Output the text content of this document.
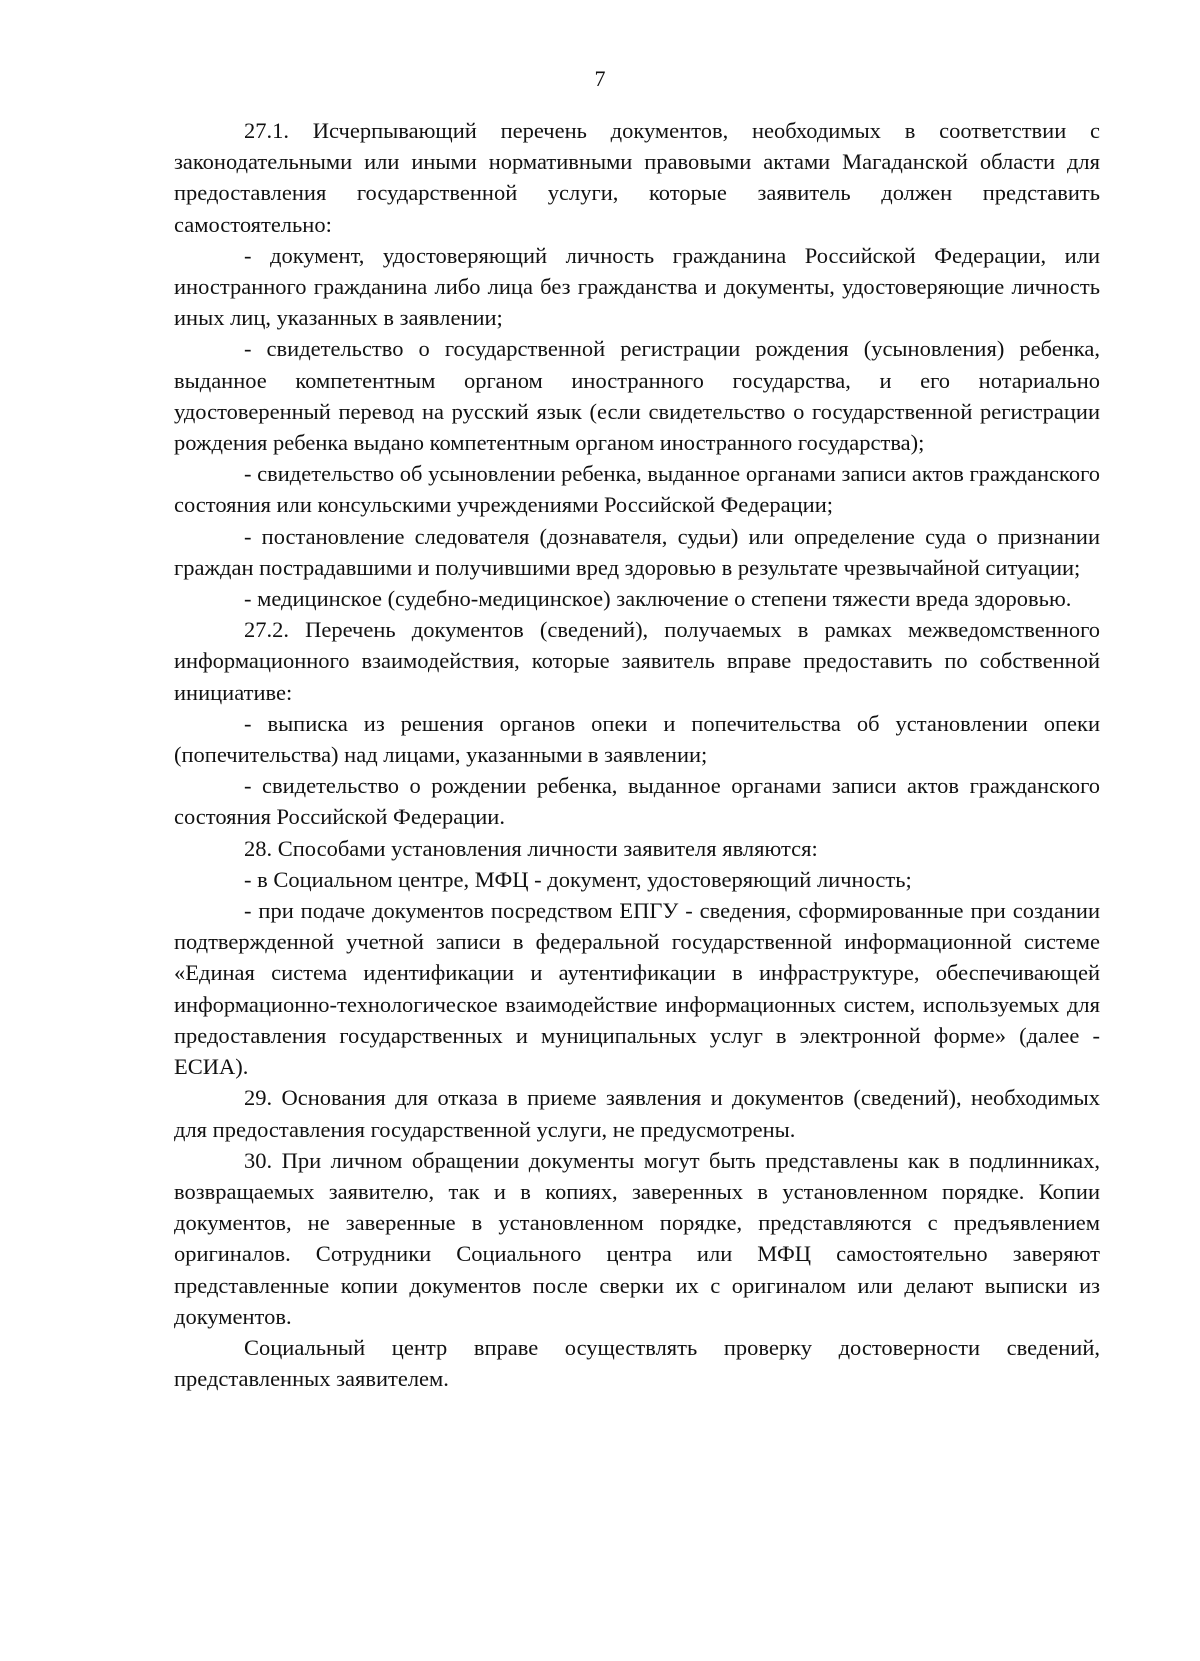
7

27.1. Исчерпывающий перечень документов, необходимых в соответствии с законодательными или иными нормативными правовыми актами Магаданской области для предоставления государственной услуги, которые заявитель должен представить самостоятельно:

- документ, удостоверяющий личность гражданина Российской Федерации, или иностранного гражданина либо лица без гражданства и документы, удостоверяющие личность иных лиц, указанных в заявлении;

- свидетельство о государственной регистрации рождения (усыновления) ребенка, выданное компетентным органом иностранного государства, и его нотариально удостоверенный перевод на русский язык (если свидетельство о государственной регистрации рождения ребенка выдано компетентным органом иностранного государства);

- свидетельство об усыновлении ребенка, выданное органами записи актов гражданского состояния или консульскими учреждениями Российской Федерации;

- постановление следователя (дознавателя, судьи) или определение суда о признании граждан пострадавшими и получившими вред здоровью в результате чрезвычайной ситуации;

- медицинское (судебно-медицинское) заключение о степени тяжести вреда здоровью.

27.2. Перечень документов (сведений), получаемых в рамках межведомственного информационного взаимодействия, которые заявитель вправе предоставить по собственной инициативе:

- выписка из решения органов опеки и попечительства об установлении опеки (попечительства) над лицами, указанными в заявлении;

- свидетельство о рождении ребенка, выданное органами записи актов гражданского состояния Российской Федерации.

28. Способами установления личности заявителя являются:

- в Социальном центре, МФЦ - документ, удостоверяющий личность;

- при подаче документов посредством ЕПГУ - сведения, сформированные при создании подтвержденной учетной записи в федеральной государственной информационной системе «Единая система идентификации и аутентификации в инфраструктуре, обеспечивающей информационно-технологическое взаимодействие информационных систем, используемых для предоставления государственных и муниципальных услуг в электронной форме» (далее - ЕСИА).

29. Основания для отказа в приеме заявления и документов (сведений), необходимых для предоставления государственной услуги, не предусмотрены.

30. При личном обращении документы могут быть представлены как в подлинниках, возвращаемых заявителю, так и в копиях, заверенных в установленном порядке. Копии документов, не заверенные в установленном порядке, представляются с предъявлением оригиналов. Сотрудники Социального центра или МФЦ самостоятельно заверяют представленные копии документов после сверки их с оригиналом или делают выписки из документов.

Социальный центр вправе осуществлять проверку достоверности сведений, представленных заявителем.
